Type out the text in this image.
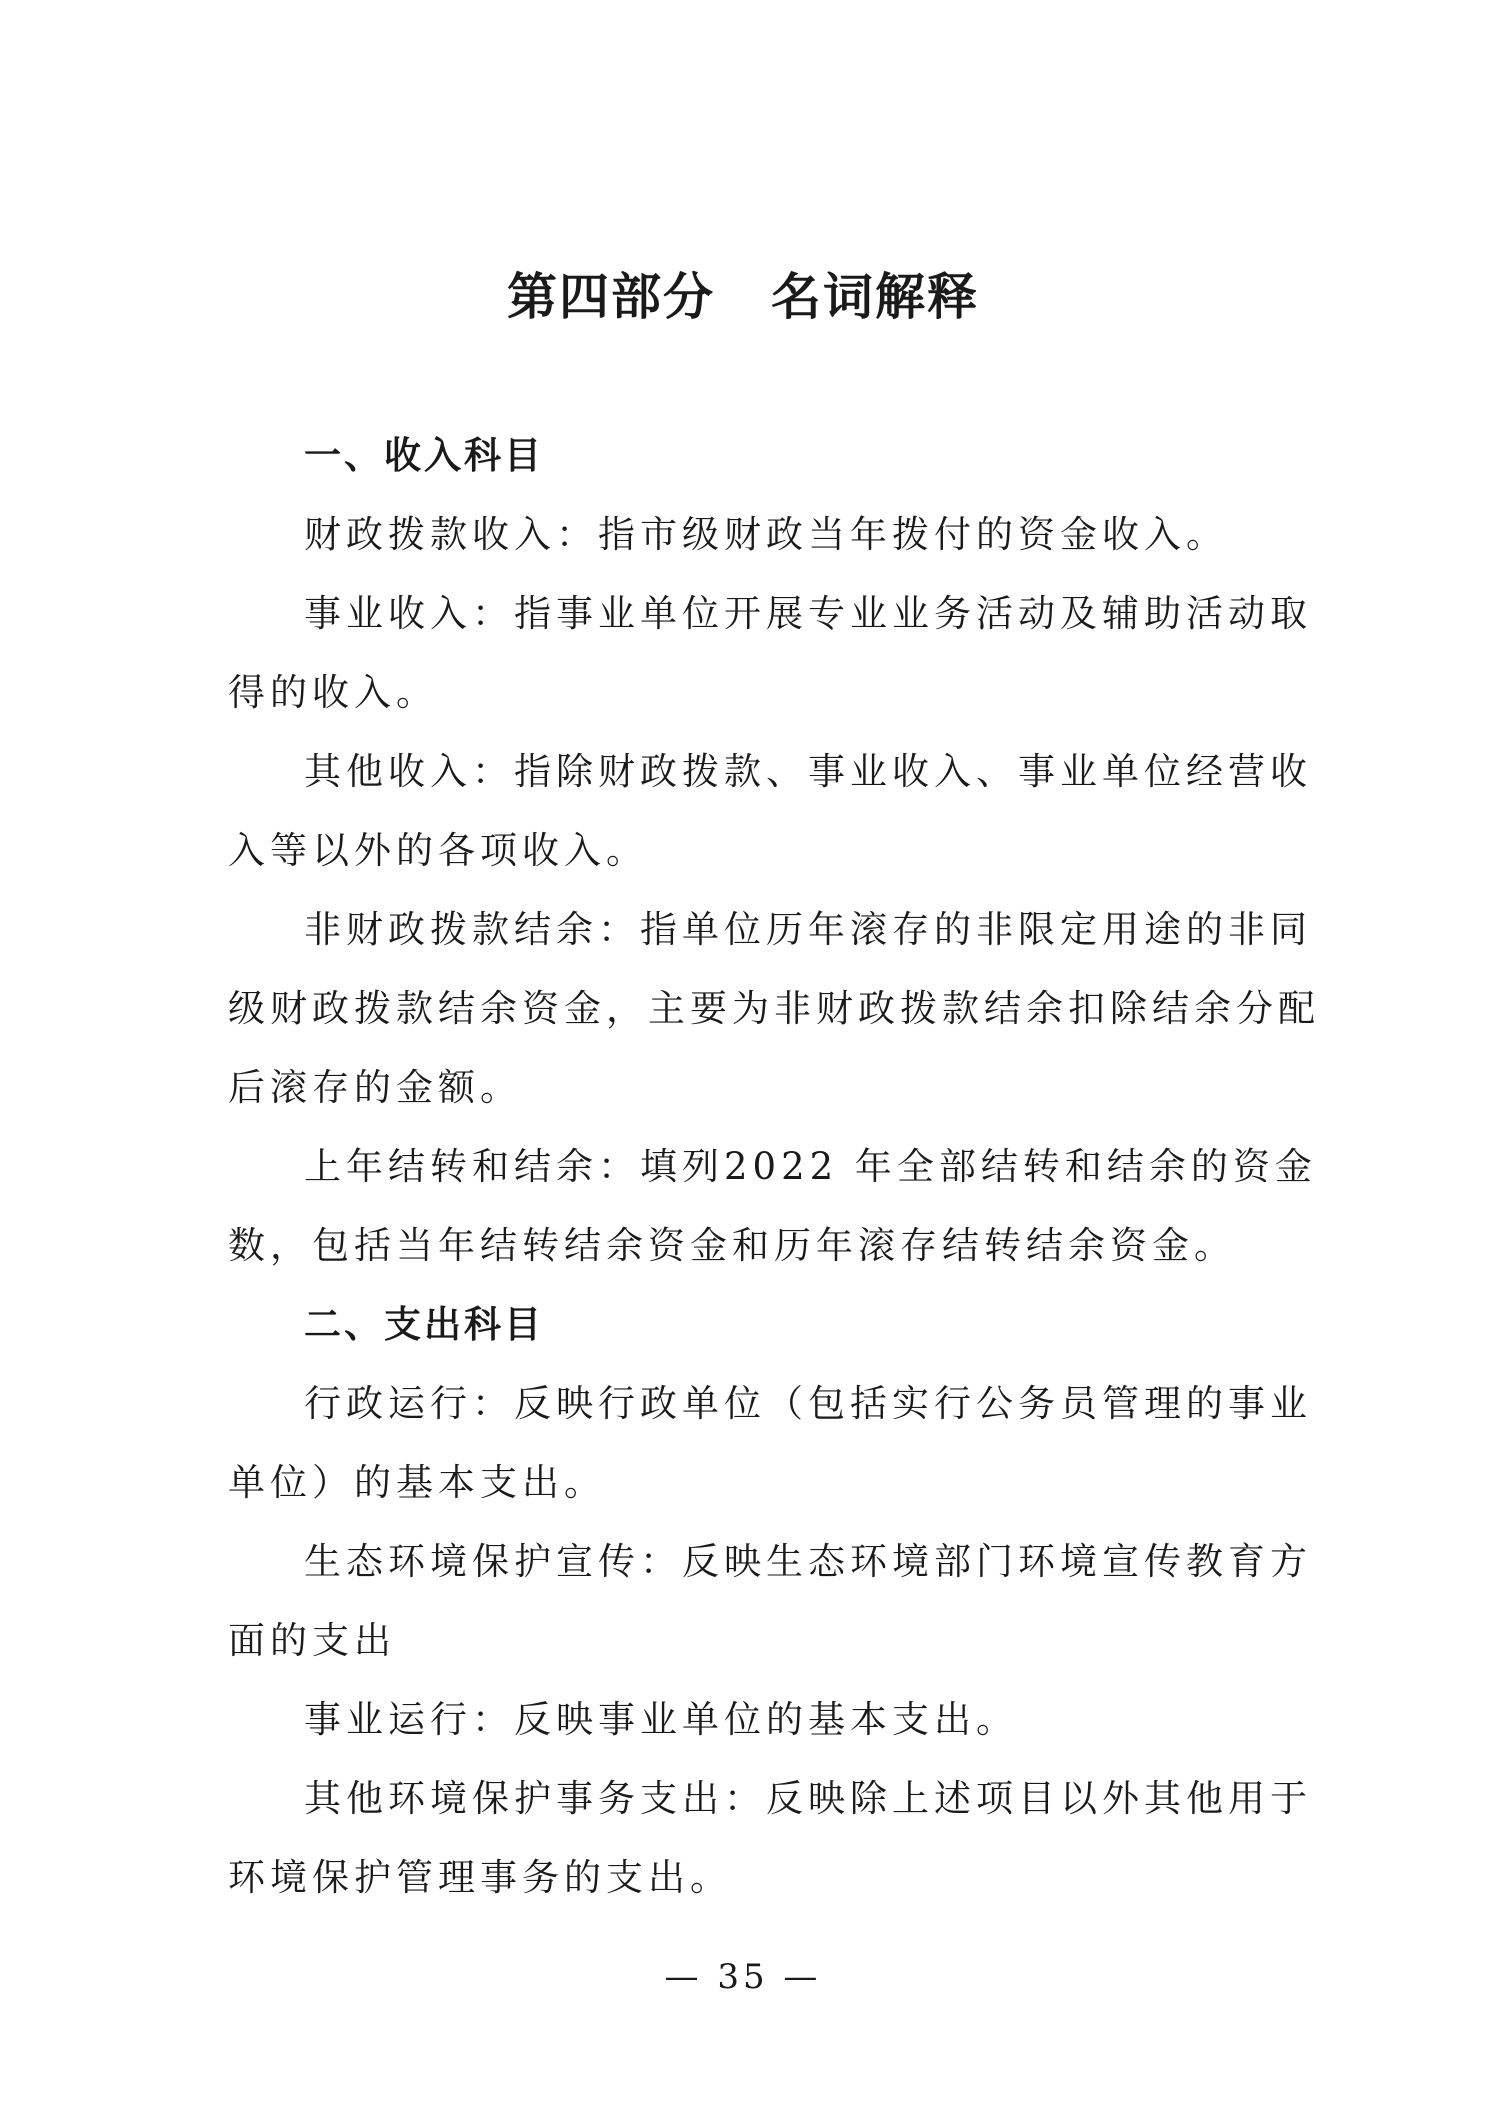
第四部分 名词解释
一、收入科目
财政拨款收入：指市级财政当年拨付的资金收入。
事业收入：指事业单位开展专业业务活动及辅助活动取
得的收入。
其他收入：指除财政拨款、事业收入、事业单位经营收
入等以外的各项收入。
非财政拨款结余：指单位历年滚存的非限定用途的非同
级财政拨款结余资金，主要为非财政拨款结余扣除结余分配
后滚存的金额。
上年结转和结余：填列2022 年全部结转和结余的资金
数，包括当年结转结余资金和历年滚存结转结余资金。
二、支出科目
行政运行：反映行政单位（包括实行公务员管理的事业
单位）的基本支出。
生态环境保护宣传：反映生态环境部门环境宣传教育方
面的支出
事业运行：反映事业单位的基本支出。
其他环境保护事务支出：反映除上述项目以外其他用于
环境保护管理事务的支出。
— 35 —
